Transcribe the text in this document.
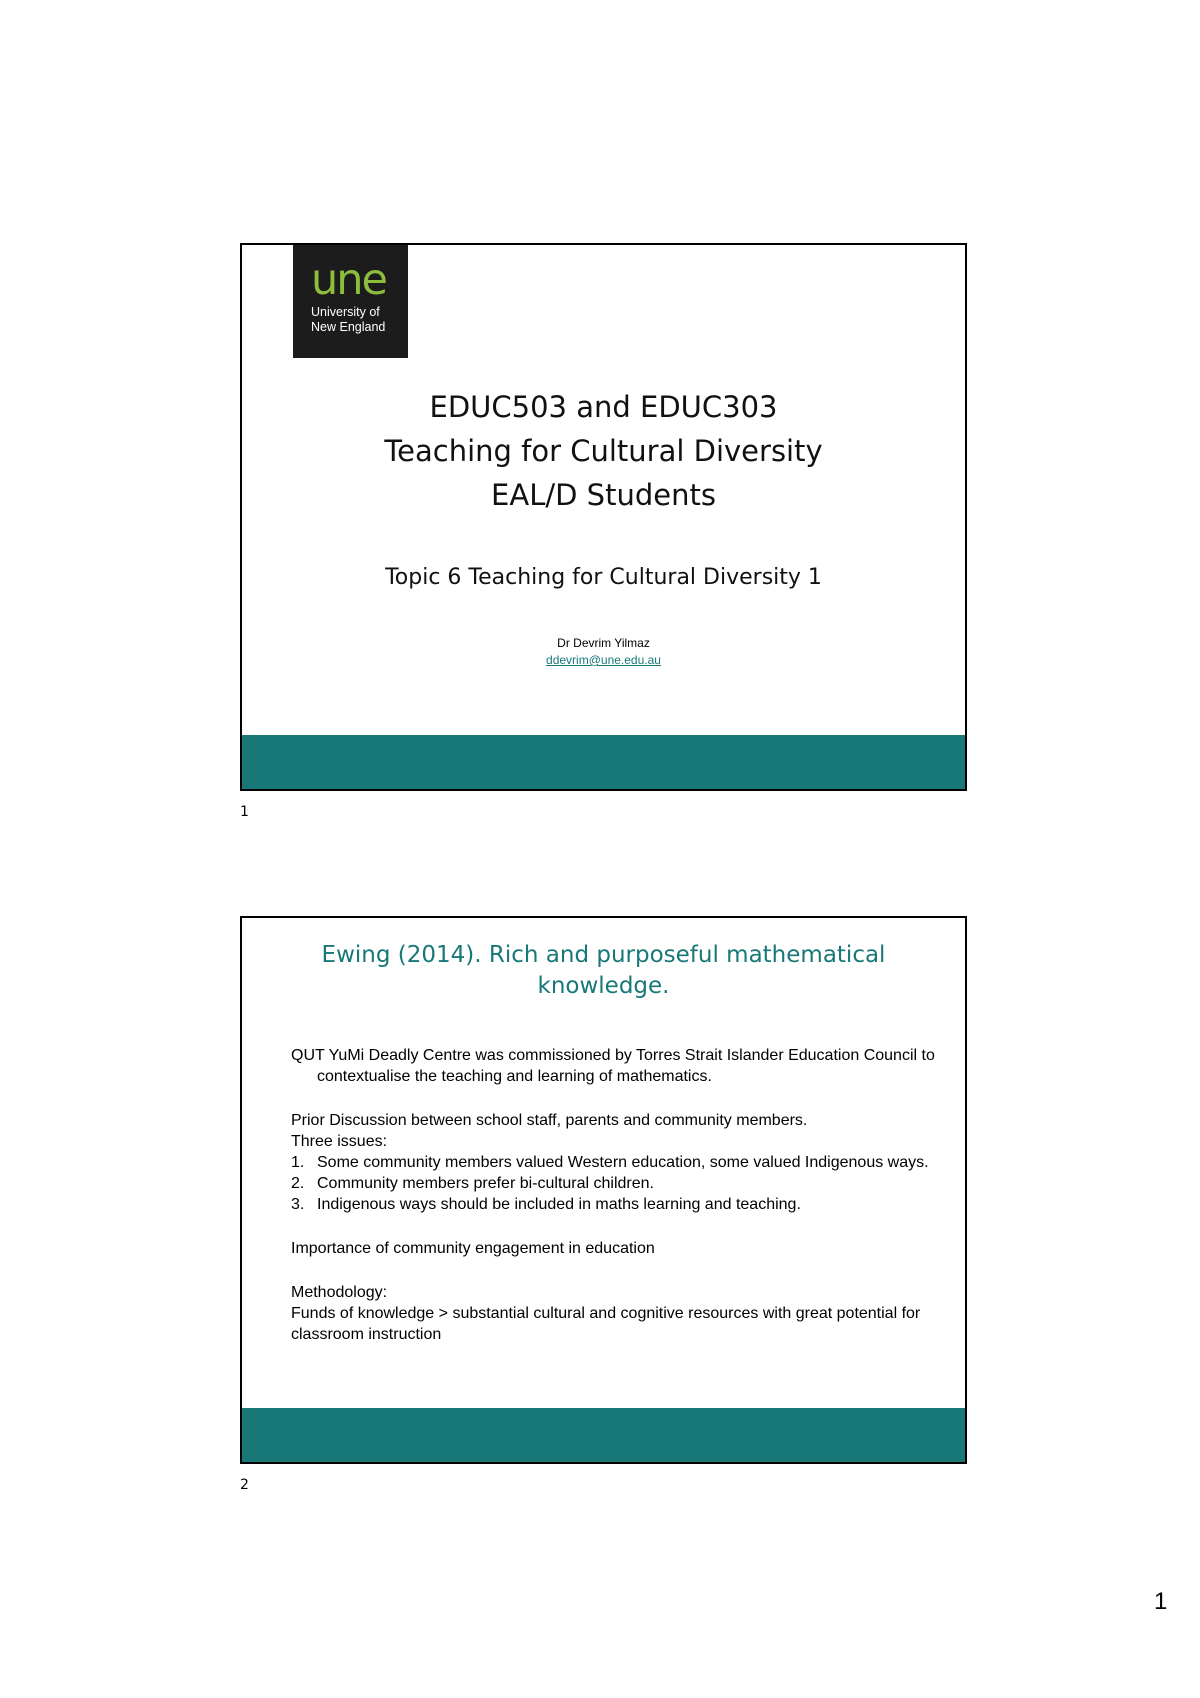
une
University of
New England
EDUC503 and EDUC303
Teaching for Cultural Diversity
EAL/D Students
Topic 6 Teaching for Cultural Diversity 1
Dr Devrim Yilmaz
ddevrim@une.edu.au
1
Ewing (2014). Rich and purposeful mathematical
knowledge.

QUT YuMi Deadly Centre was commissioned by Torres Strait Islander Education Council to contextualise the teaching and learning of mathematics.

Prior Discussion between school staff, parents and community members.

Three issues:

1. Some community members valued Western education, some valued Indigenous ways.
2. Community members prefer bi-cultural children.
3. Indigenous ways should be included in maths learning and teaching.

Importance of community engagement in education

Methodology:

Funds of knowledge > substantial cultural and cognitive resources with great potential for classroom instruction

2
1
